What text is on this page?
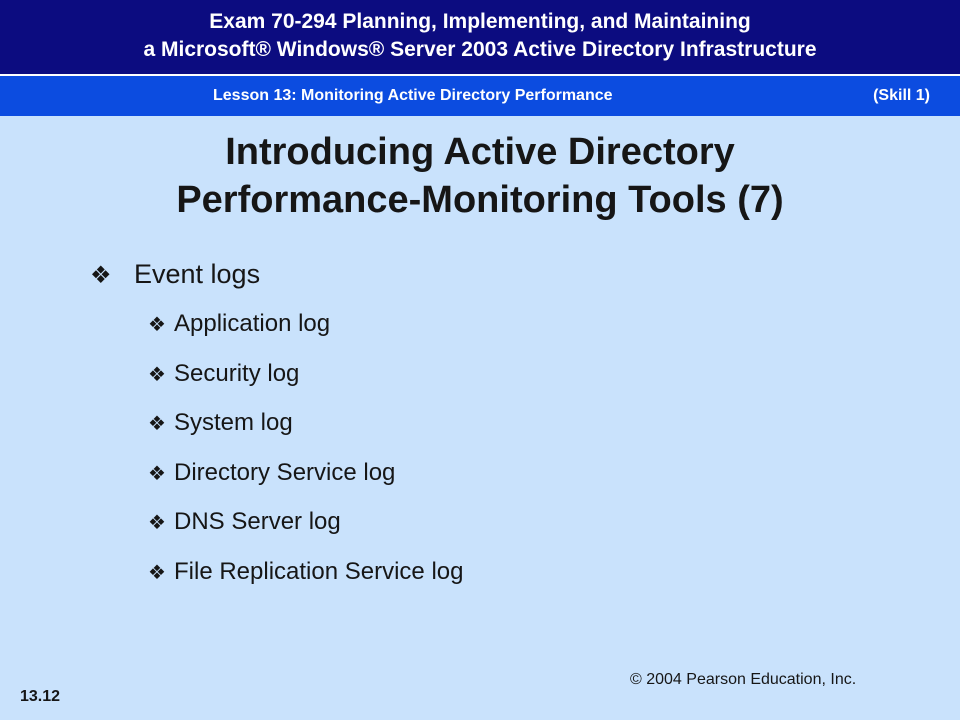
Exam 70-294 Planning, Implementing, and Maintaining
a Microsoft® Windows® Server 2003 Active Directory Infrastructure
Lesson 13: Monitoring Active Directory Performance	(Skill 1)
Introducing Active Directory
Performance-Monitoring Tools (7)
❖ Event logs
❖ Application log
❖ Security log
❖ System log
❖ Directory Service log
❖ DNS Server log
❖ File Replication Service log
© 2004 Pearson Education, Inc.
13.12
